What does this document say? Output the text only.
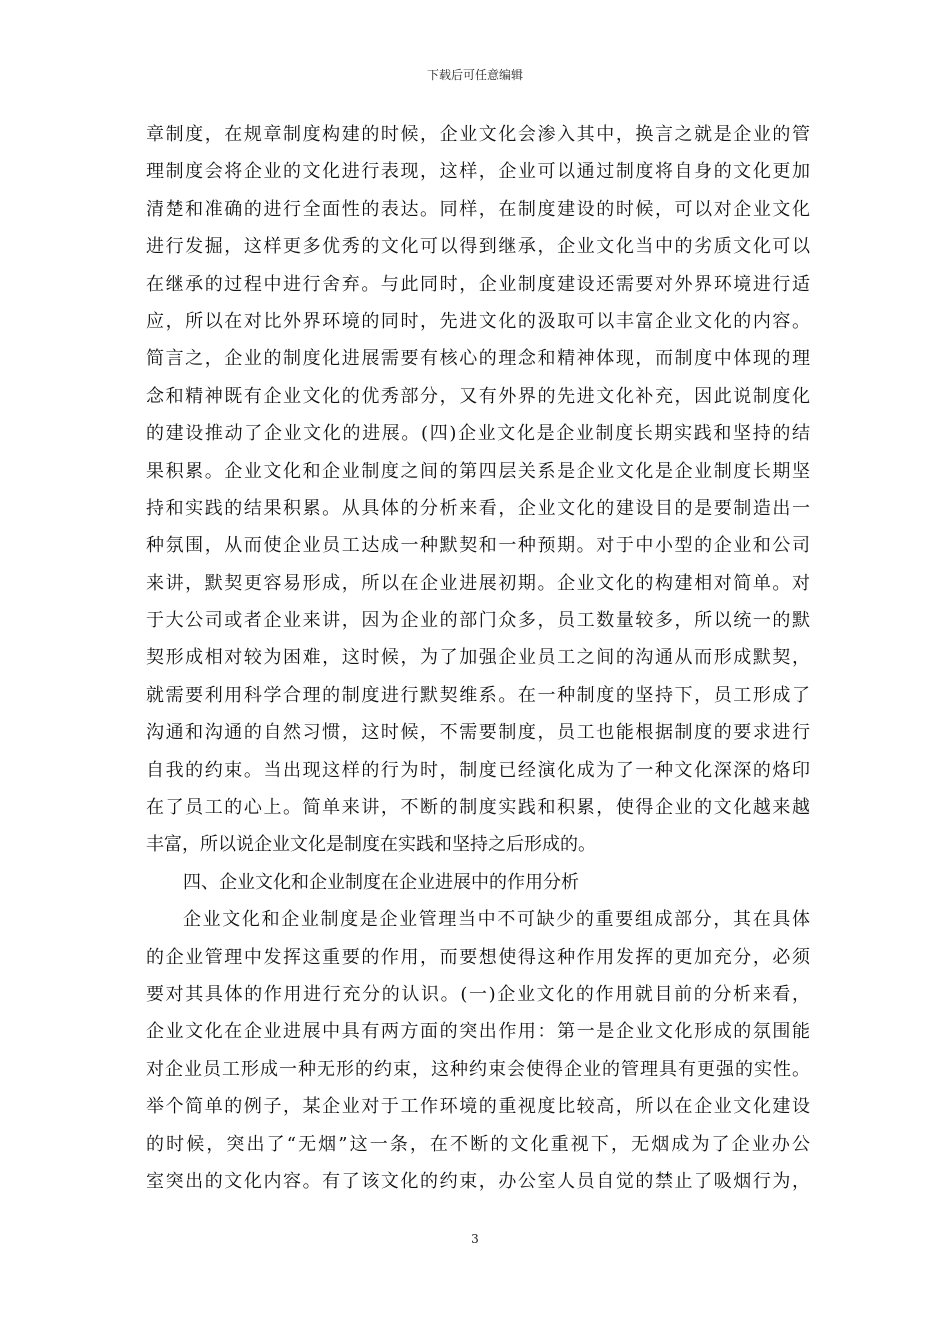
下载后可任意编辑
章制度，在规章制度构建的时候，企业文化会渗入其中，换言之就是企业的管
理制度会将企业的文化进行表现，这样，企业可以通过制度将自身的文化更加
清楚和准确的进行全面性的表达。同样，在制度建设的时候，可以对企业文化
进行发掘，这样更多优秀的文化可以得到继承，企业文化当中的劣质文化可以
在继承的过程中进行舍弃。与此同时，企业制度建设还需要对外界环境进行适
应，所以在对比外界环境的同时，先进文化的汲取可以丰富企业文化的内容。
简言之，企业的制度化进展需要有核心的理念和精神体现，而制度中体现的理
念和精神既有企业文化的优秀部分，又有外界的先进文化补充，因此说制度化
的建设推动了企业文化的进展。(四)企业文化是企业制度长期实践和坚持的结
果积累。企业文化和企业制度之间的第四层关系是企业文化是企业制度长期坚
持和实践的结果积累。从具体的分析来看，企业文化的建设目的是要制造出一
种氛围，从而使企业员工达成一种默契和一种预期。对于中小型的企业和公司
来讲，默契更容易形成，所以在企业进展初期。企业文化的构建相对简单。对
于大公司或者企业来讲，因为企业的部门众多，员工数量较多，所以统一的默
契形成相对较为困难，这时候，为了加强企业员工之间的沟通从而形成默契，
就需要利用科学合理的制度进行默契维系。在一种制度的坚持下，员工形成了
沟通和沟通的自然习惯，这时候，不需要制度，员工也能根据制度的要求进行
自我的约束。当出现这样的行为时，制度已经演化成为了一种文化深深的烙印
在了员工的心上。简单来讲，不断的制度实践和积累，使得企业的文化越来越
丰富，所以说企业文化是制度在实践和坚持之后形成的。
四、企业文化和企业制度在企业进展中的作用分析
企业文化和企业制度是企业管理当中不可缺少的重要组成部分，其在具体
的企业管理中发挥这重要的作用，而要想使得这种作用发挥的更加充分，必须
要对其具体的作用进行充分的认识。(一)企业文化的作用就目前的分析来看，
企业文化在企业进展中具有两方面的突出作用：第一是企业文化形成的氛围能
对企业员工形成一种无形的约束，这种约束会使得企业的管理具有更强的实性。
举个简单的例子，某企业对于工作环境的重视度比较高，所以在企业文化建设
的时候，突出了“无烟”这一条，在不断的文化重视下，无烟成为了企业办公
室突出的文化内容。有了该文化的约束，办公室人员自觉的禁止了吸烟行为，
3
